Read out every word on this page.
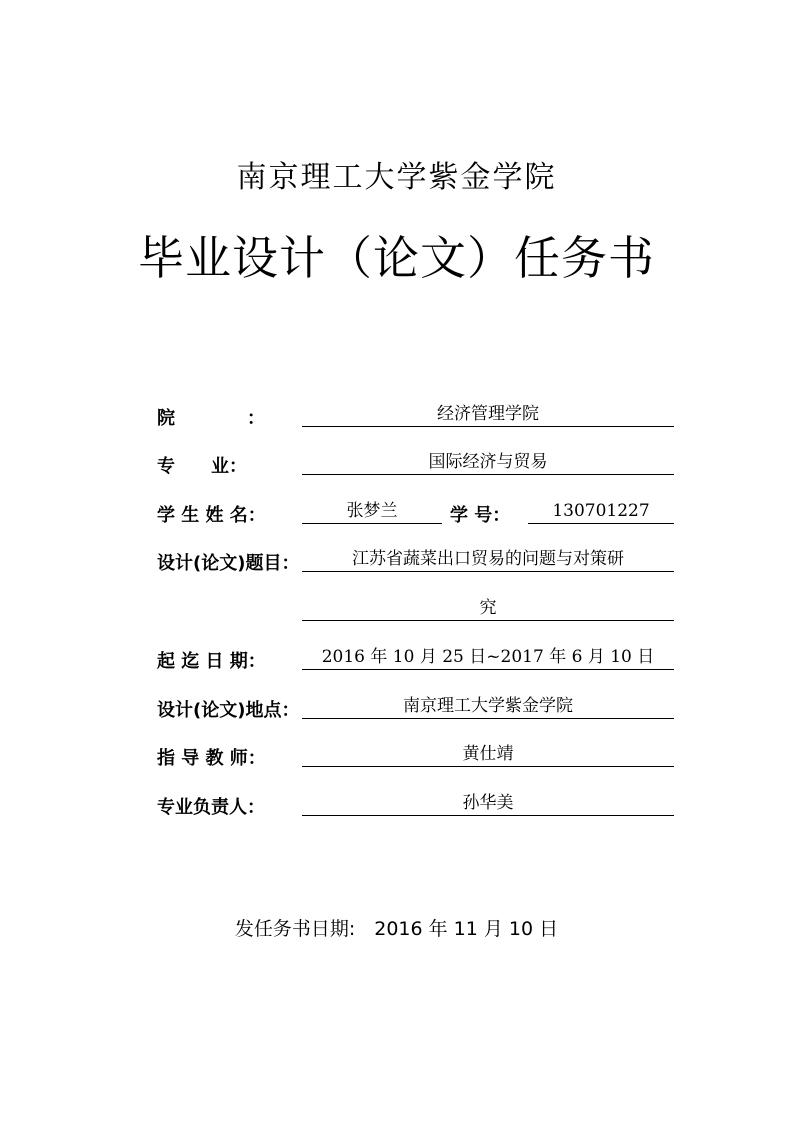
南京理工大学紫金学院
毕业设计（论文）任务书
院　　　　：	经济管理学院
专　　业：	国际经济与贸易
学 生 姓 名：	张梦兰	学 号：	130701227
设计(论文)题目：	江苏省蔬菜出口贸易的问题与对策研
究
起 迄 日 期：	2016 年 10 月 25 日~2017 年 6 月 10 日
设计(论文)地点：	南京理工大学紫金学院
指 导 教 师：	黄仕靖
专业负责人：	孙华美
发任务书日期:　2016 年 11 月 10 日
